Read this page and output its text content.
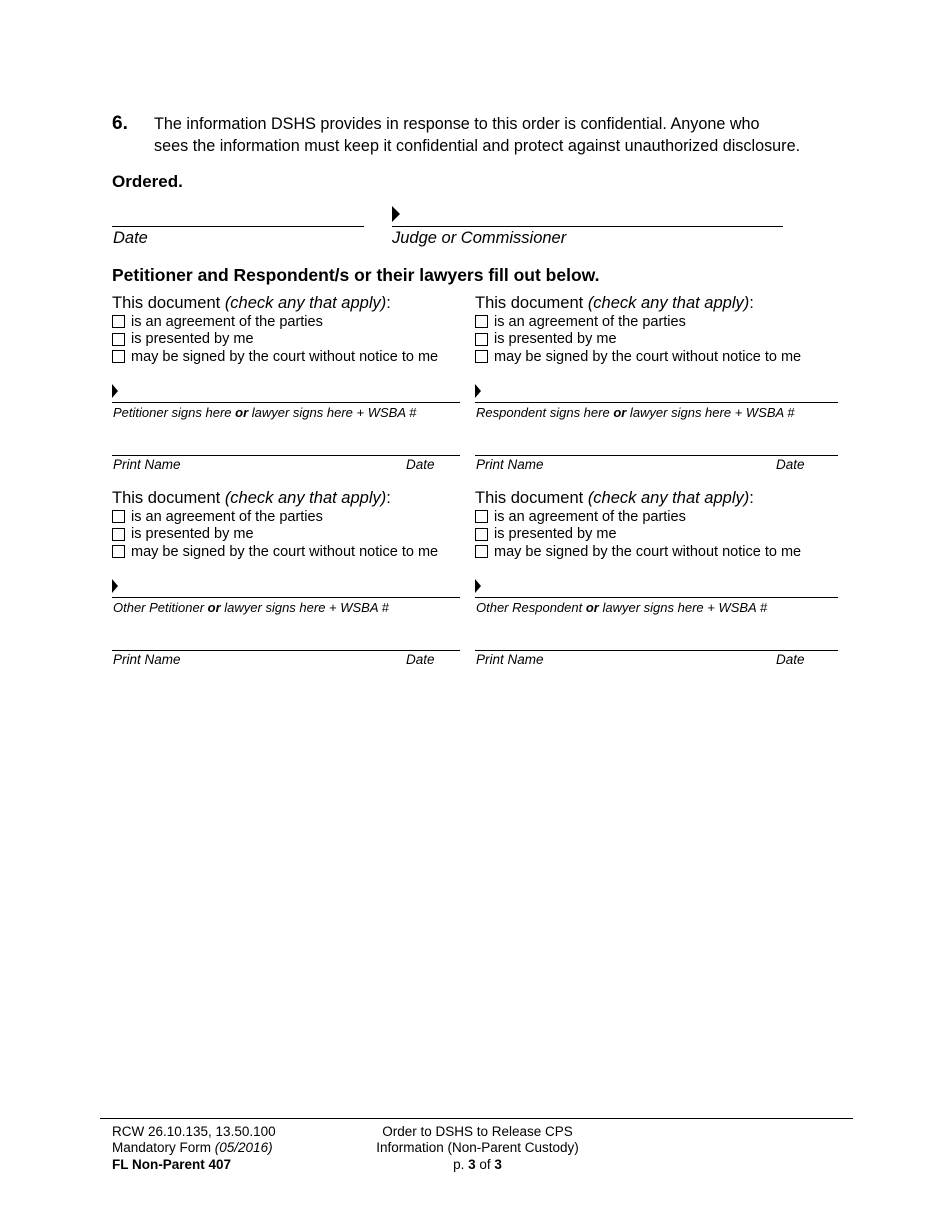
6. The information DSHS provides in response to this order is confidential. Anyone who
sees the information must keep it confidential and protect against unauthorized disclosure.
Ordered.
Date	Judge or Commissioner
Petitioner and Respondent/s or their lawyers fill out below.
This document (check any that apply):
is an agreement of the parties
is presented by me
may be signed by the court without notice to me
Petitioner signs here or lawyer signs here + WSBA #
Print Name	Date
This document (check any that apply):
is an agreement of the parties
is presented by me
may be signed by the court without notice to me
Respondent signs here or lawyer signs here + WSBA #
Print Name	Date
This document (check any that apply):
is an agreement of the parties
is presented by me
may be signed by the court without notice to me
Other Petitioner or lawyer signs here + WSBA #
Print Name	Date
This document (check any that apply):
is an agreement of the parties
is presented by me
may be signed by the court without notice to me
Other Respondent or lawyer signs here + WSBA #
Print Name	Date
RCW 26.10.135, 13.50.100
Mandatory Form (05/2016)
FL Non-Parent 407
Order to DSHS to Release CPS
Information (Non-Parent Custody)
p. 3 of 3
